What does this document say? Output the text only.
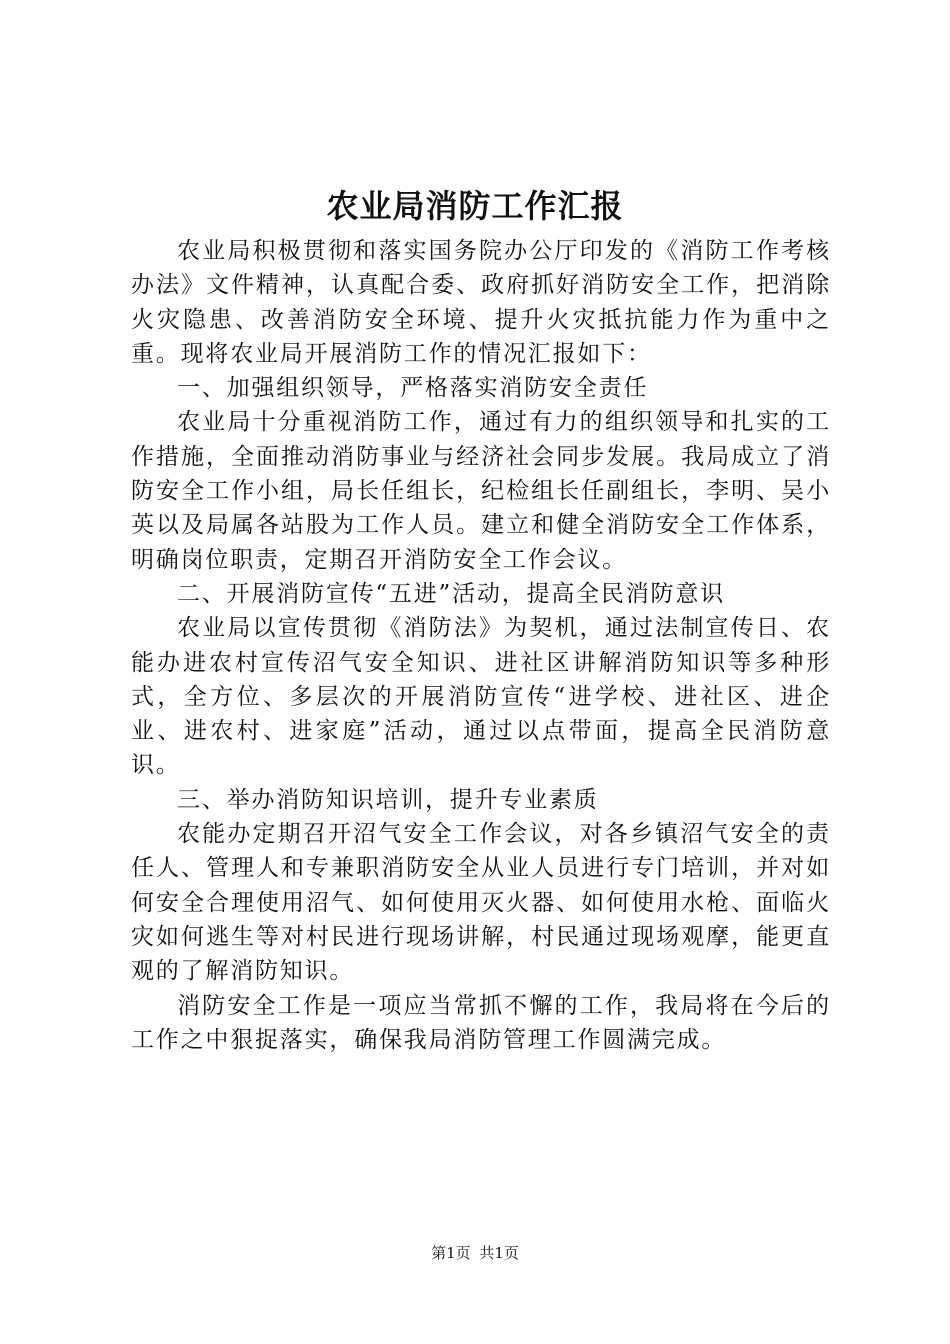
农业局消防工作汇报

农业局积极贯彻和落实国务院办公厅印发的《消防工作考核办法》文件精神，认真配合委、政府抓好消防安全工作，把消除火灾隐患、改善消防安全环境、提升火灾抵抗能力作为重中之重。现将农业局开展消防工作的情况汇报如下：

一、加强组织领导，严格落实消防安全责任

农业局十分重视消防工作，通过有力的组织领导和扎实的工作措施，全面推动消防事业与经济社会同步发展。我局成立了消防安全工作小组，局长任组长，纪检组长任副组长，李明、吴小英以及局属各站股为工作人员。建立和健全消防安全工作体系，明确岗位职责，定期召开消防安全工作会议。

二、开展消防宣传“五进”活动，提高全民消防意识

农业局以宣传贯彻《消防法》为契机，通过法制宣传日、农能办进农村宣传沼气安全知识、进社区讲解消防知识等多种形式，全方位、多层次的开展消防宣传“进学校、进社区、进企业、进农村、进家庭”活动，通过以点带面，提高全民消防意识。

三、举办消防知识培训，提升专业素质

农能办定期召开沼气安全工作会议，对各乡镇沼气安全的责任人、管理人和专兼职消防安全从业人员进行专门培训，并对如何安全合理使用沼气、如何使用灭火器、如何使用水枪、面临火灾如何逃生等对村民进行现场讲解，村民通过现场观摩，能更直观的了解消防知识。

消防安全工作是一项应当常抓不懈的工作，我局将在今后的工作之中狠捉落实，确保我局消防管理工作圆满完成。

第1页 共1页
